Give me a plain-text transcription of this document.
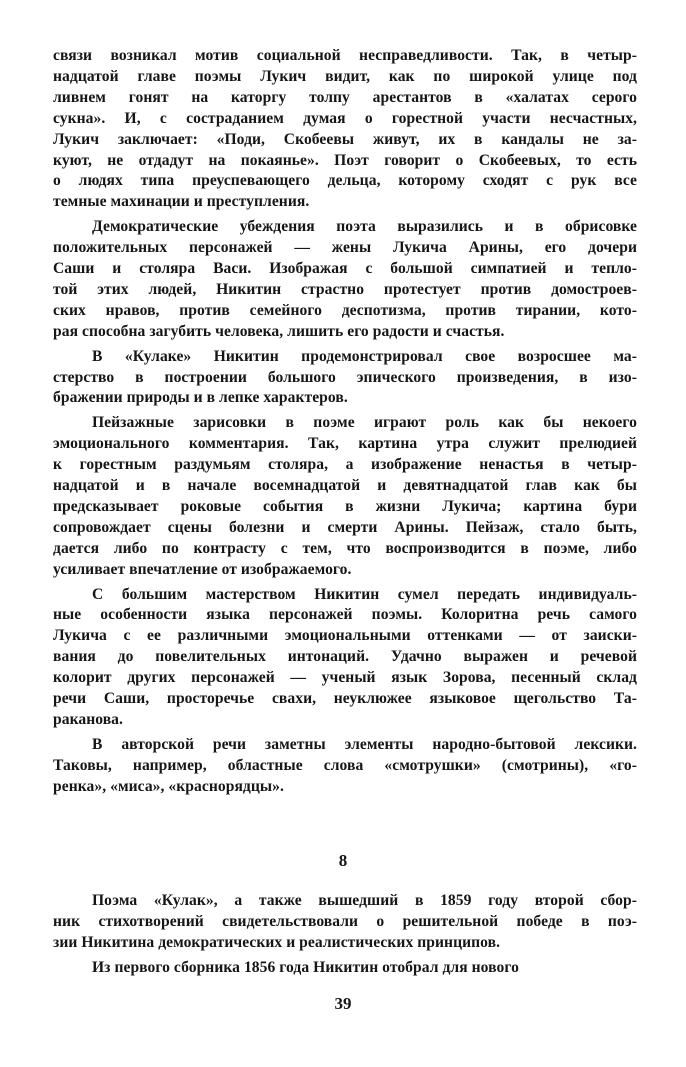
связи возникал мотив социальной несправедливости. Так, в четыр-
надцатой главе поэмы Лукич видит, как по широкой улице под
ливнем гонят на каторгу толпу арестантов в «халатах серого
сукна». И, с состраданием думая о горестной участи несчастных,
Лукич заключает: «Поди, Скобеевы живут, их в кандалы не за-
куют, не отдадут на покаянье». Поэт говорит о Скобеевых, то есть
о людях типа преуспевающего дельца, которому сходят с рук все
темные махинации и преступления.
Демократические убеждения поэта выразились и в обрисовке
положительных персонажей — жены Лукича Арины, его дочери
Саши и столяра Васи. Изображая с большой симпатией и тепло-
той этих людей, Никитин страстно протестует против домостроев-
ских нравов, против семейного деспотизма, против тирании, кото-
рая способна загубить человека, лишить его радости и счастья.
В «Кулаке» Никитин продемонстрировал свое возросшее ма-
стерство в построении большого эпического произведения, в изо-
бражении природы и в лепке характеров.
Пейзажные зарисовки в поэме играют роль как бы некоего
эмоционального комментария. Так, картина утра служит прелюдией
к горестным раздумьям столяра, а изображение ненастья в четыр-
надцатой и в начале восемнадцатой и девятнадцатой глав как бы
предсказывает роковые события в жизни Лукича; картина бури
сопровождает сцены болезни и смерти Арины. Пейзаж, стало быть,
дается либо по контрасту с тем, что воспроизводится в поэме, либо
усиливает впечатление от изображаемого.
С большим мастерством Никитин сумел передать индивидуаль-
ные особенности языка персонажей поэмы. Колоритна речь самого
Лукича с ее различными эмоциональными оттенками — от заиски-
вания до повелительных интонаций. Удачно выражен и речевой
колорит других персонажей — ученый язык Зорова, песенный склад
речи Саши, просторечье свахи, неуклюжее языковое щегольство Та-
раканова.
В авторской речи заметны элементы народно-бытовой лексики.
Таковы, например, областные слова «смотрушки» (смотрины), «го-
ренка», «миса», «краснорядцы».
8
Поэма «Кулак», а также вышедший в 1859 году второй сбор-
ник стихотворений свидетельствовали о решительной победе в поэ-
зии Никитина демократических и реалистических принципов.
Из первого сборника 1856 года Никитин отобрал для нового
39
